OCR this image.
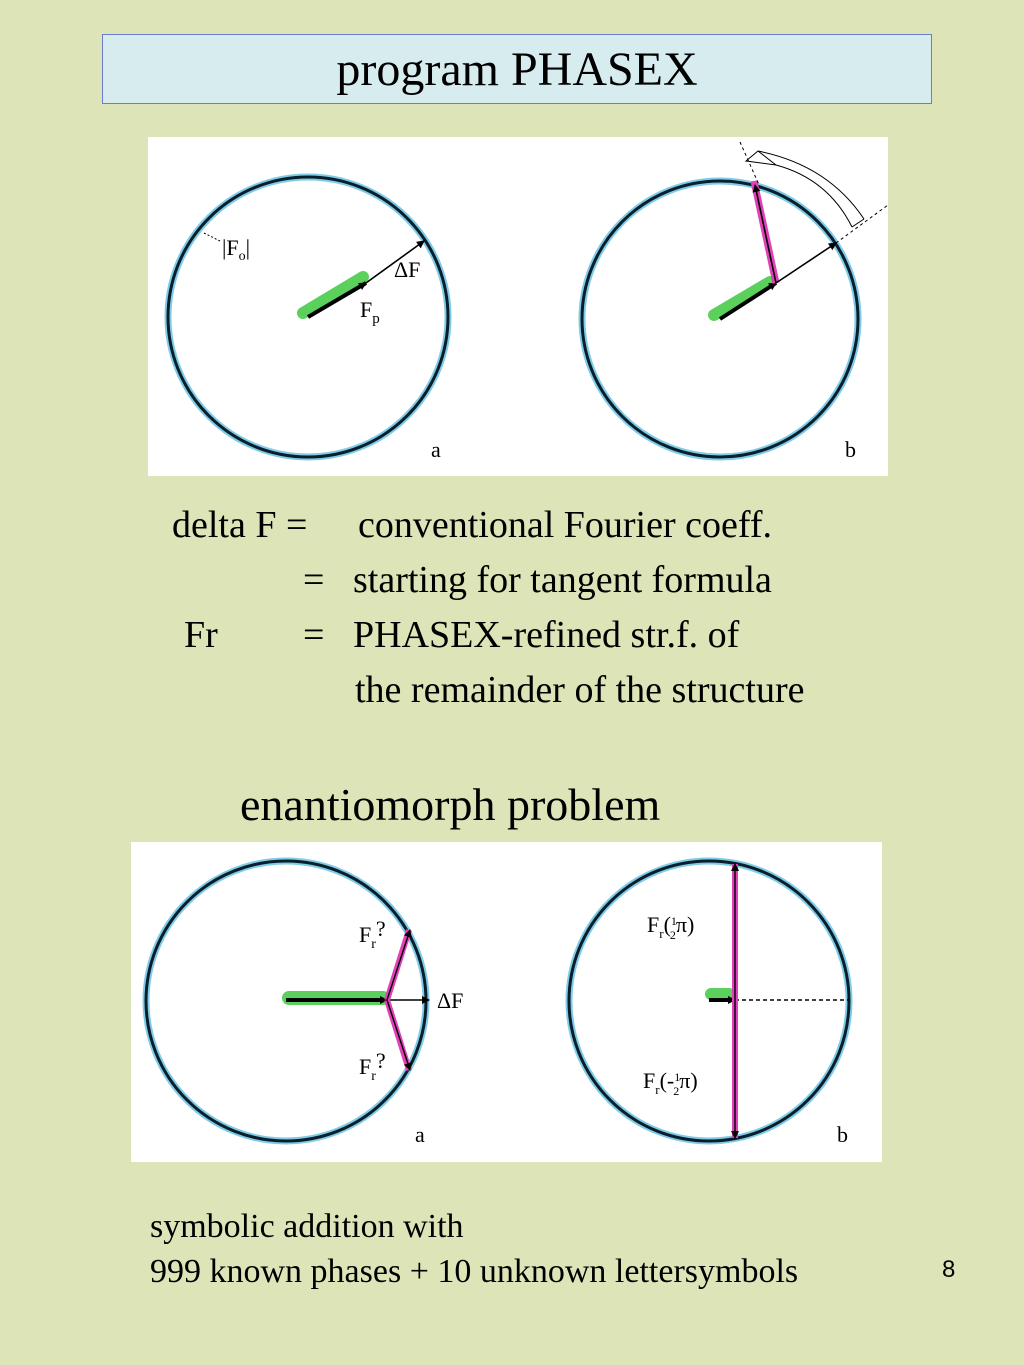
program PHASEX
$|F_o|$
ΔF
$F_p$
a	b
delta F = conventional Fourier coeff.
= starting for tangent formula
Fr = PHASEX-refined str.f. of
the remainder of the structure
enantiomorph problem
$F_r$?
ΔF
$F_r$?
a
$F_r(^1$ 2π)
$F_r(-^1$ 2π)
b
symbolic addition with
999 known phases + 10 unknown lettersymbols	8
